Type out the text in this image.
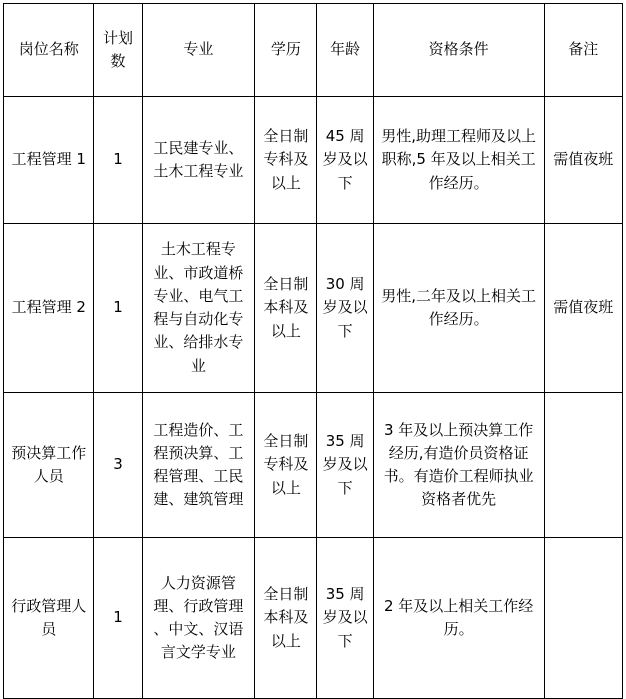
岗位名称	计划数	专业	学历	年龄	资格条件	备注
工程管理 1	1	工民建专业、土木工程专业	全日制专科及以上	45 周岁及以下	男性,助理工程师及以上职称,5 年及以上相关工作经历。	需值夜班
工程管理 2	1	土木工程专业、市政道桥专业、电气工程与自动化专业、给排水专业	全日制本科及以上	30 周岁及以下	男性,二年及以上相关工作经历。	需值夜班
预决算工作人员	3	工程造价、工程预决算、工程管理、工民建、建筑管理	全日制专科及以上	35 周岁及以下	3 年及以上预决算工作经历,有造价员资格证书。有造价工程师执业资格者优先	
行政管理人员	1	人力资源管理、行政管理 、中文、汉语言文学专业	全日制本科及以上	35 周岁及以下	2 年及以上相关工作经历。	
